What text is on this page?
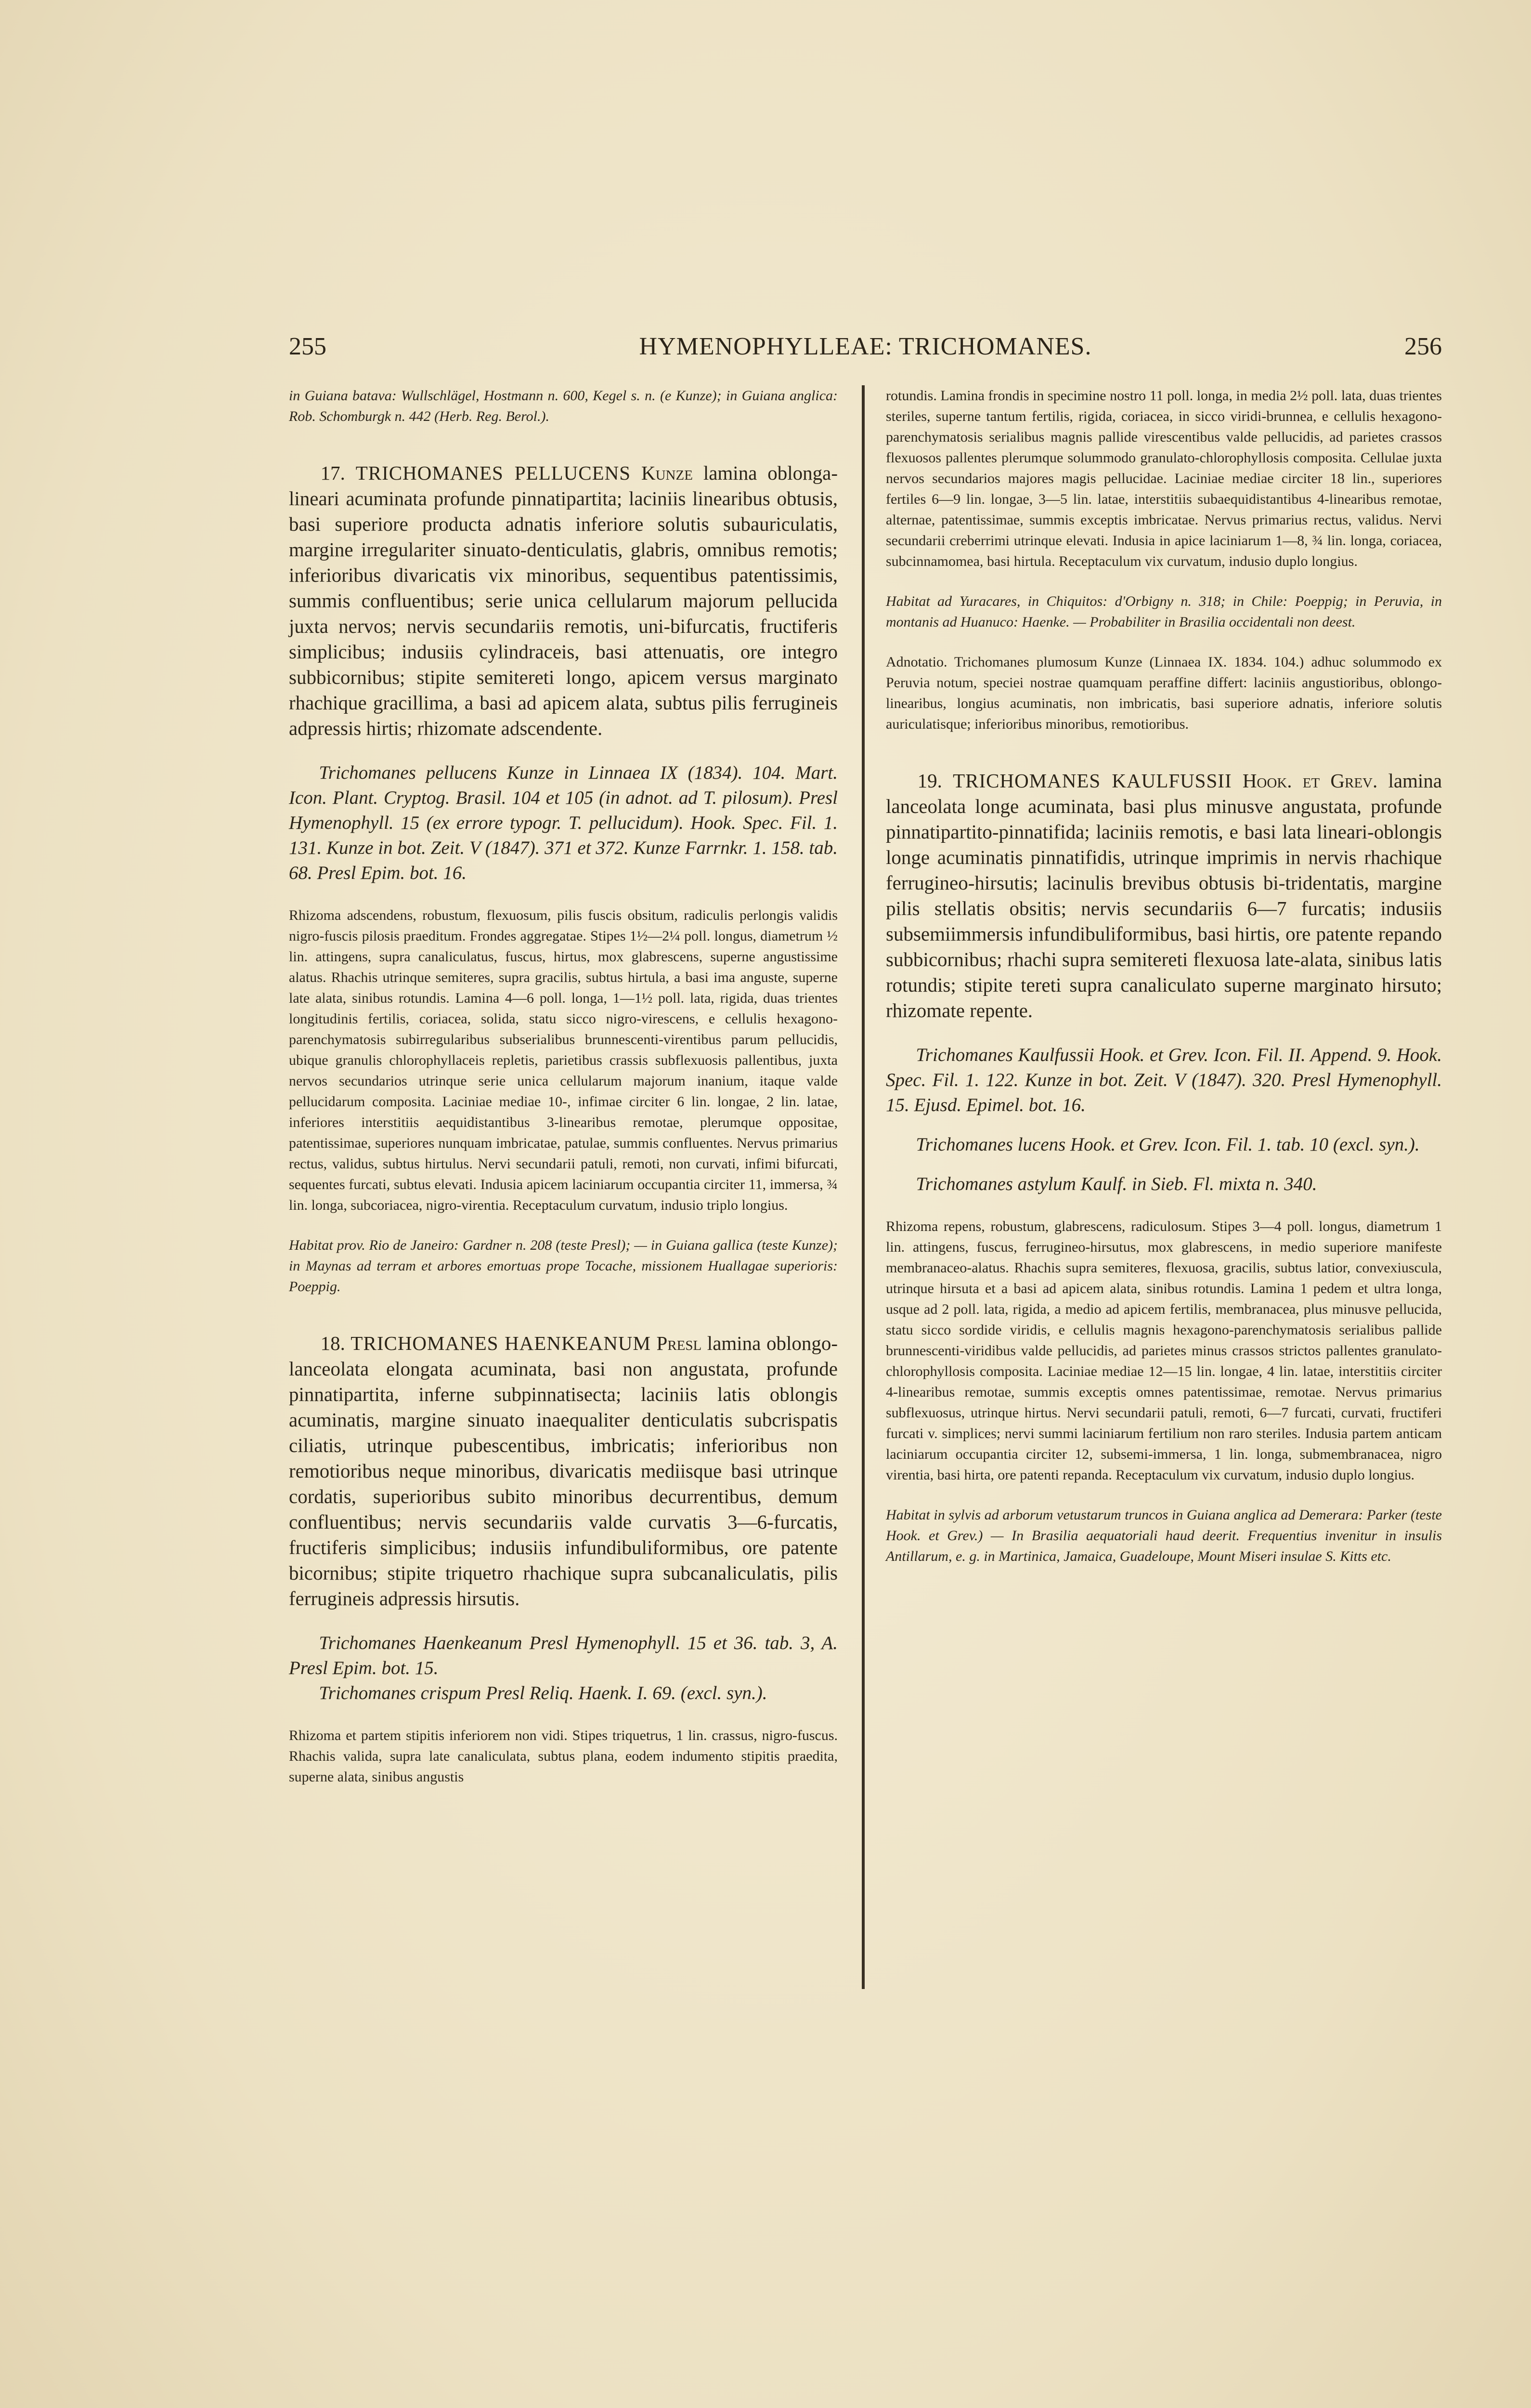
255	HYMENOPHYLLEAE: TRICHOMANES.	256

in Guiana batava: Wullschlägel, Hostmann n. 600, Kegel s. n. (e Kunze); in Guiana anglica: Rob. Schomburgk n. 442 (Herb. Reg. Berol.).

17. TRICHOMANES PELLUCENS Kunze lamina oblonga-lineari acuminata profunde pinnatipartita; laciniis linearibus obtusis, basi superiore producta adnatis inferiore solutis subauriculatis, margine irregulariter sinuato-denticulatis, glabris, omnibus remotis; inferioribus divaricatis vix minoribus, sequentibus patentissimis, summis confluentibus; serie unica cellularum majorum pellucida juxta nervos; nervis secundariis remotis, uni-bifurcatis, fructiferis simplicibus; indusiis cylindraceis, basi attenuatis, ore integro subbicornibus; stipite semitereti longo, apicem versus marginato rhachique gracillima, a basi ad apicem alata, subtus pilis ferrugineis adpressis hirtis; rhizomate adscendente.

Trichomanes pellucens Kunze in Linnaea IX (1834). 104. Mart. Icon. Plant. Cryptog. Brasil. 104 et 105 (in adnot. ad T. pilosum). Presl Hymenophyll. 15 (ex errore typogr. T. pellucidum). Hook. Spec. Fil. 1. 131. Kunze in bot. Zeit. V (1847). 371 et 372. Kunze Farrnkr. 1. 158. tab. 68. Presl Epim. bot. 16.

Rhizoma adscendens, robustum, flexuosum, pilis fuscis obsitum, radiculis perlongis validis nigro-fuscis pilosis praeditum. Frondes aggregatae. Stipes 1½—2¼ poll. longus, diametrum ½ lin. attingens, supra canaliculatus, fuscus, hirtus, mox glabrescens, superne angustissime alatus. Rhachis utrinque semiteres, supra gracilis, subtus hirtula, a basi ima anguste, superne late alata, sinibus rotundis. Lamina 4—6 poll. longa, 1—1½ poll. lata, rigida, duas trientes longitudinis fertilis, coriacea, solida, statu sicco nigro-virescens, e cellulis hexagono-parenchymatosis subirregularibus subserialibus brunnescenti-virentibus parum pellucidis, ubique granulis chlorophyllaceis repletis, parietibus crassis subflexuosis pallentibus, juxta nervos secundarios utrinque serie unica cellularum majorum inanium, itaque valde pellucidarum composita. Laciniae mediae 10-, infimae circiter 6 lin. longae, 2 lin. latae, inferiores interstitiis aequidistantibus 3-linearibus remotae, plerumque oppositae, patentissimae, superiores nunquam imbricatae, patulae, summis confluentes. Nervus primarius rectus, validus, subtus hirtulus. Nervi secundarii patuli, remoti, non curvati, infimi bifurcati, sequentes furcati, subtus elevati. Indusia apicem laciniarum occupantia circiter 11, immersa, ¾ lin. longa, subcoriacea, nigro-virentia. Receptaculum curvatum, indusio triplo longius.

Habitat prov. Rio de Janeiro: Gardner n. 208 (teste Presl); — in Guiana gallica (teste Kunze); in Maynas ad terram et arbores emortuas prope Tocache, missionem Huallagae superioris: Poeppig.

18. TRICHOMANES HAENKEANUM Presl lamina oblongo-lanceolata elongata acuminata, basi non angustata, profunde pinnatipartita, inferne subpinnatisecta; laciniis latis oblongis acuminatis, margine sinuato inaequaliter denticulatis subcrispatis ciliatis, utrinque pubescentibus, imbricatis; inferioribus non remotioribus neque minoribus, divaricatis mediisque basi utrinque cordatis, superioribus subito minoribus decurrentibus, demum confluentibus; nervis secundariis valde curvatis 3—6-furcatis, fructiferis simplicibus; indusiis infundibuliformibus, ore patente bicornibus; stipite triquetro rhachique supra subcanaliculatis, pilis ferrugineis adpressis hirsutis.

Trichomanes Haenkeanum Presl Hymenophyll. 15 et 36. tab. 3, A. Presl Epim. bot. 15.

Trichomanes crispum Presl Reliq. Haenk. I. 69. (excl. syn.).

Rhizoma et partem stipitis inferiorem non vidi. Stipes triquetrus, 1 lin. crassus, nigro-fuscus. Rhachis valida, supra late canaliculata, subtus plana, eodem indumento stipitis praedita, superne alata, sinibus angustis

rotundis. Lamina frondis in specimine nostro 11 poll. longa, in media 2½ poll. lata, duas trientes steriles, superne tantum fertilis, rigida, coriacea, in sicco viridi-brunnea, e cellulis hexagono-parenchymatosis serialibus magnis pallide virescentibus valde pellucidis, ad parietes crassos flexuosos pallentes plerumque solummodo granulato-chlorophyllosis composita. Cellulae juxta nervos secundarios majores magis pellucidae. Laciniae mediae circiter 18 lin., superiores fertiles 6—9 lin. longae, 3—5 lin. latae, interstitiis subaequidistantibus 4-linearibus remotae, alternae, patentissimae, summis exceptis imbricatae. Nervus primarius rectus, validus. Nervi secundarii creberrimi utrinque elevati. Indusia in apice laciniarum 1—8, ¾ lin. longa, coriacea, subcinnamomea, basi hirtula. Receptaculum vix curvatum, indusio duplo longius.

Habitat ad Yuracares, in Chiquitos: d'Orbigny n. 318; in Chile: Poeppig; in Peruvia, in montanis ad Huanuco: Haenke. — Probabiliter in Brasilia occidentali non deest.

Adnotatio. Trichomanes plumosum Kunze (Linnaea IX. 1834. 104.) adhuc solummodo ex Peruvia notum, speciei nostrae quamquam peraffine differt: laciniis angustioribus, oblongo-linearibus, longius acuminatis, non imbricatis, basi superiore adnatis, inferiore solutis auriculatisque; inferioribus minoribus, remotioribus.

19. TRICHOMANES KAULFUSSII Hook. et Grev. lamina lanceolata longe acuminata, basi plus minusve angustata, profunde pinnatipartito-pinnatifida; laciniis remotis, e basi lata lineari-oblongis longe acuminatis pinnatifidis, utrinque imprimis in nervis rhachique ferrugineo-hirsutis; lacinulis brevibus obtusis bi-tridentatis, margine pilis stellatis obsitis; nervis secundariis 6—7 furcatis; indusiis subsemiimmersis infundibuliformibus, basi hirtis, ore patente repando subbicornibus; rhachi supra semitereti flexuosa late-alata, sinibus latis rotundis; stipite tereti supra canaliculato superne marginato hirsuto; rhizomate repente.

Trichomanes Kaulfussii Hook. et Grev. Icon. Fil. II. Append. 9. Hook. Spec. Fil. 1. 122. Kunze in bot. Zeit. V (1847). 320. Presl Hymenophyll. 15. Ejusd. Epimel. bot. 16.

Trichomanes lucens Hook. et Grev. Icon. Fil. 1. tab. 10 (excl. syn.).

Trichomanes astylum Kaulf. in Sieb. Fl. mixta n. 340.

Rhizoma repens, robustum, glabrescens, radiculosum. Stipes 3—4 poll. longus, diametrum 1 lin. attingens, fuscus, ferrugineo-hirsutus, mox glabrescens, in medio superiore manifeste membranaceo-alatus. Rhachis supra semiteres, flexuosa, gracilis, subtus latior, convexiuscula, utrinque hirsuta et a basi ad apicem alata, sinibus rotundis. Lamina 1 pedem et ultra longa, usque ad 2 poll. lata, rigida, a medio ad apicem fertilis, membranacea, plus minusve pellucida, statu sicco sordide viridis, e cellulis magnis hexagono-parenchymatosis serialibus pallide brunnescenti-viridibus valde pellucidis, ad parietes minus crassos strictos pallentes granulato-chlorophyllosis composita. Laciniae mediae 12—15 lin. longae, 4 lin. latae, interstitiis circiter 4-linearibus remotae, summis exceptis omnes patentissimae, remotae. Nervus primarius subflexuosus, utrinque hirtus. Nervi secundarii patuli, remoti, 6—7 furcati, curvati, fructiferi furcati v. simplices; nervi summi laciniarum fertilium non raro steriles. Indusia partem anticam laciniarum occupantia circiter 12, subsemi-immersa, 1 lin. longa, submembranacea, nigro virentia, basi hirta, ore patenti repanda. Receptaculum vix curvatum, indusio duplo longius.

Habitat in sylvis ad arborum vetustarum truncos in Guiana anglica ad Demerara: Parker (teste Hook. et Grev.) — In Brasilia aequatoriali haud deerit. Frequentius invenitur in insulis Antillarum, e. g. in Martinica, Jamaica, Guadeloupe, Mount Miseri insulae S. Kitts etc.
